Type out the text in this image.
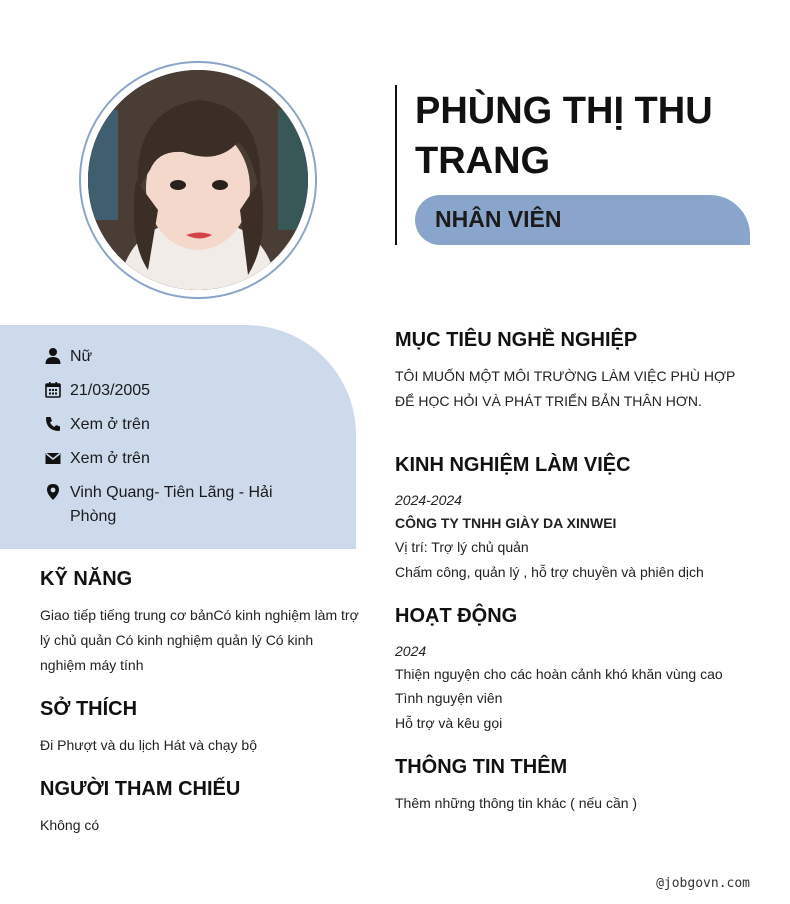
PHÙNG THỊ THU TRANG
NHÂN VIÊN
Nữ
21/03/2005
Xem ở trên
Xem ở trên
Vinh Quang- Tiên Lãng - Hải Phòng
KỸ NĂNG
Giao tiếp tiếng trung cơ bảnCó kinh nghiệm làm trợ lý chủ quản Có kinh nghiệm quản lý Có kinh nghiệm máy tính
SỞ THÍCH
Đi Phượt và du lịch Hát và chạy bộ
NGƯỜI THAM CHIẾU
Không có
MỤC TIÊU NGHỀ NGHIỆP
TÔI MUỐN MỘT MÔI TRƯỜNG LÀM VIỆC PHÙ HỢP ĐỂ HỌC HỎI VÀ PHÁT TRIỂN BẢN THÂN HƠN.
KINH NGHIỆM LÀM VIỆC
2024-2024
CÔNG TY TNHH GIÀY DA XINWEI
Vị trí: Trợ lý chủ quản
Chấm công, quản lý , hỗ trợ chuyền và phiên dịch
HOẠT ĐỘNG
2024
Thiện nguyện cho các hoàn cảnh khó khăn vùng cao
Tình nguyện viên
Hỗ trợ và kêu gọi
THÔNG TIN THÊM
Thêm những thông tin khác ( nếu cần )
@jobgovn.com
